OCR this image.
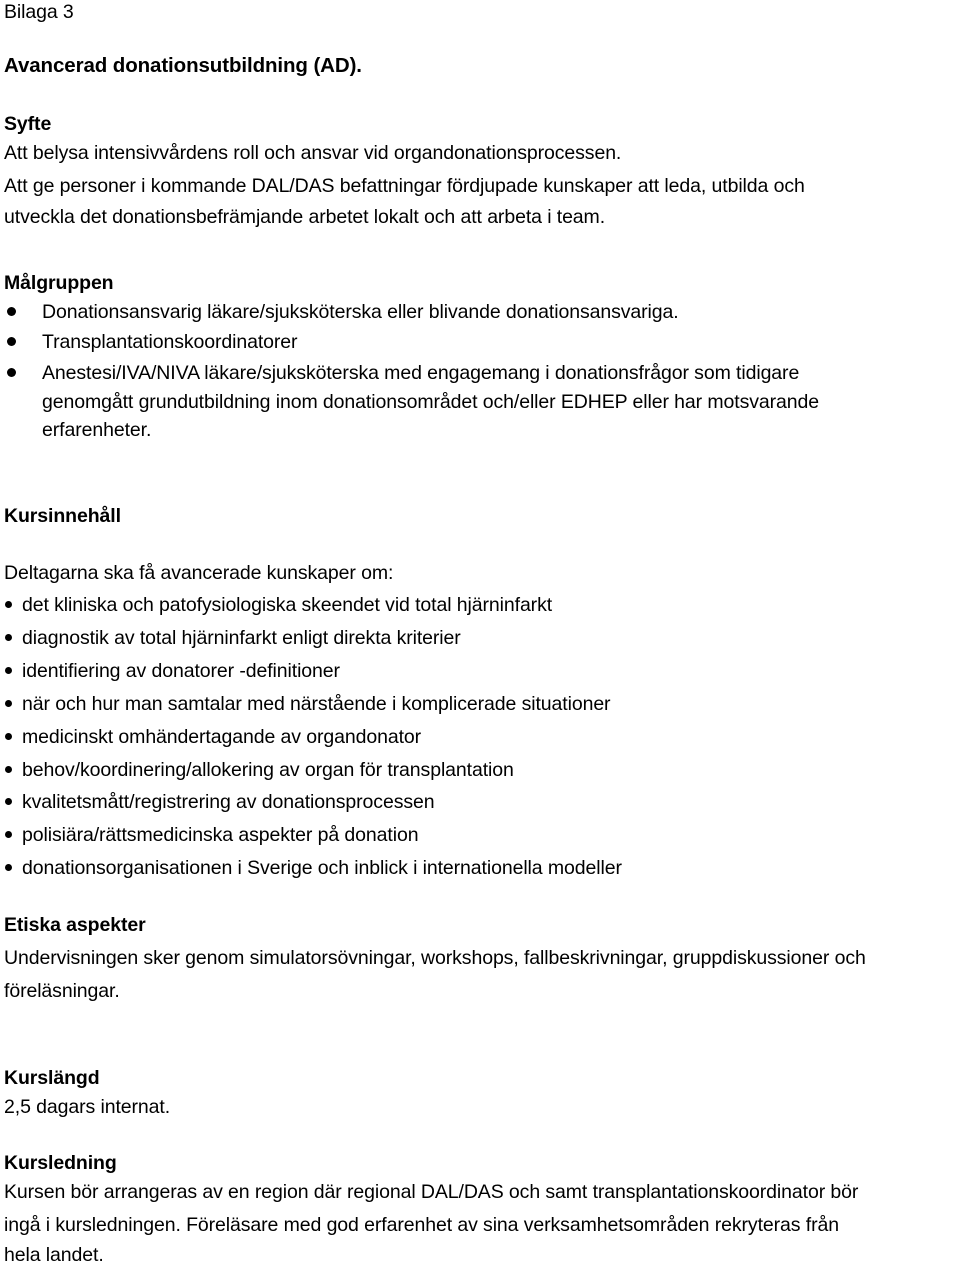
Bilaga 3
Avancerad donationsutbildning (AD).
Syfte
Att belysa intensivvårdens roll och ansvar vid organdonationsprocessen.
Att ge personer i kommande DAL/DAS befattningar fördjupade kunskaper att leda, utbilda och
utveckla det donationsbefrämjande arbetet lokalt och att arbeta i team.
Målgruppen
Donationsansvarig läkare/sjuksköterska eller blivande donationsansvariga.
Transplantationskoordinatorer
Anestesi/IVA/NIVA läkare/sjuksköterska med engagemang i donationsfrågor som tidigare
genomgått grundutbildning inom donationsområdet och/eller EDHEP eller har motsvarande
erfarenheter.
Kursinnehåll
Deltagarna ska få avancerade kunskaper om:
det kliniska och patofysiologiska skeendet vid total hjärninfarkt
diagnostik av total hjärninfarkt enligt direkta kriterier
identifiering av donatorer -definitioner
när och hur man samtalar med närstående i komplicerade situationer
medicinskt omhändertagande av organdonator
behov/koordinering/allokering av organ för transplantation
kvalitetsmått/registrering av donationsprocessen
polisiära/rättsmedicinska aspekter på donation
donationsorganisationen i Sverige och inblick i internationella modeller
Etiska aspekter
Undervisningen sker genom simulatorsövningar, workshops, fallbeskrivningar, gruppdiskussioner och
föreläsningar.
Kurslängd
2,5 dagars internat.
Kursledning
Kursen bör arrangeras av en region där regional DAL/DAS och samt transplantationskoordinator bör
ingå i kursledningen. Föreläsare med god erfarenhet av sina verksamhetsområden rekryteras från
hela landet.
